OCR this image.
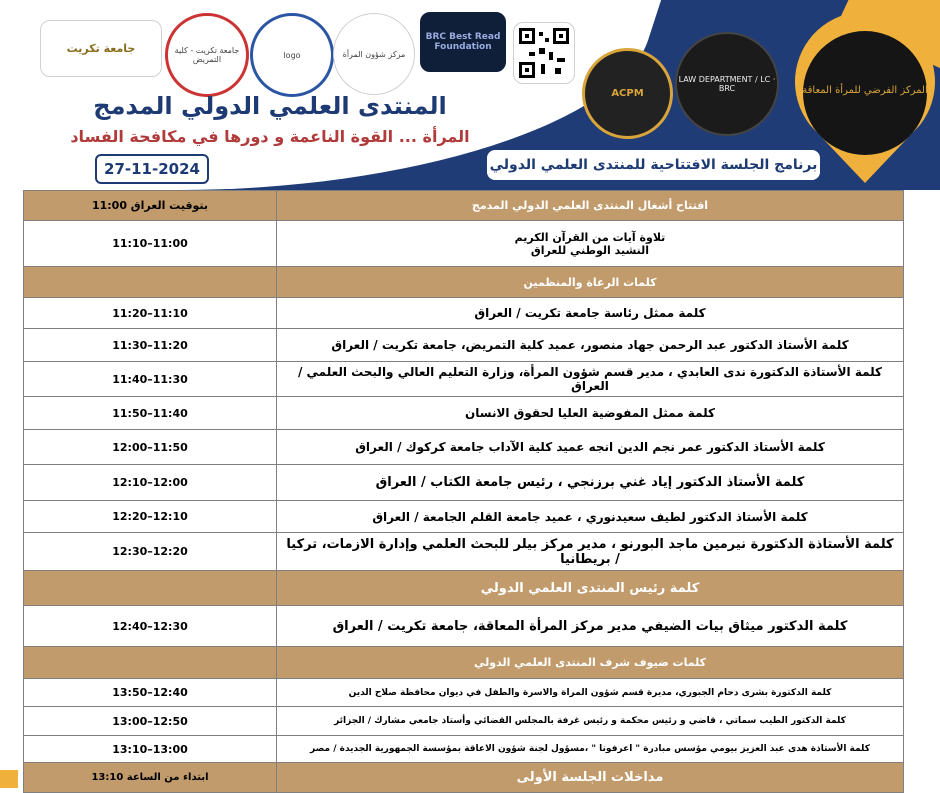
جامعة تكريت	جامعة تكريت - كلية التمريض	logo	مركز شؤون المرأة
BRC Best Read Foundation
ACPM
LAW DEPARTMENT / LC · BRC	المركز الفرضي للمرأة المعاقة
المنتدى العلمي الدولي المدمج
المرأة ... القوة الناعمة و دورها في مكافحة الفساد
27-11-2024	برنامج الجلسة الافتتاحية للمنتدى العلمي الدولي
افتتاح أشغال المنتدى العلمي الدولي المدمج	بتوقيت العراق 11:00

تلاوة آيات من القرآن الكريم
النشيد الوطني للعراق	11:00–11:10
كلمات الرعاة والمنظمين	
كلمة ممثل رئاسة جامعة تكريت / العراق	11:10–11:20
كلمة الأستاذ الدكتور عبد الرحمن جهاد منصور، عميد كلية التمريض، جامعة تكريت / العراق	11:20–11:30
كلمة الأستاذة الدكتورة ندى العابدي ، مدير قسم شؤون المرأة، وزارة التعليم العالي والبحث العلمي / العراق	11:30–11:40
كلمة ممثل المفوضية العليا لحقوق الانسان	11:40–11:50
كلمة الأستاذ الدكتور عمر نجم الدين انجه عميد كلية الآداب جامعة كركوك / العراق	11:50–12:00
كلمة الأستاذ الدكتور إياد غني برزنجي ، رئيس جامعة الكتاب / العراق	12:00–12:10
كلمة الأستاذ الدكتور لطيف سعيدنوري ، عميد جامعة القلم الجامعة / العراق	12:10–12:20
كلمة الأستاذة الدكتورة نيرمين ماجد البورنو ، مدير مركز بيلر للبحث العلمي وإدارة الازمات، تركيا / بريطانيا	12:20–12:30
كلمة رئيس المنتدى العلمي الدولي	
كلمة الدكتور ميثاق بيات الضيفي مدير مركز المرأة المعاقة، جامعة تكريت / العراق	12:30–12:40
كلمات ضيوف شرف المنتدى العلمي الدولي	
كلمة الدكتورة بشرى دحام الجبوري، مديرة قسم شؤون المراة والاسرة والطفل في ديوان محافظة صلاح الدين	12:40–13:50
كلمة الدكتور الطيب سماتي ، قاضي و رئيس محكمة و رئيس غرفة بالمجلس القضائي وأستاذ جامعي مشارك / الجزائر	12:50–13:00
كلمة الأستاذة هدى عبد العزيز بيومي مؤسس مبادرة " اعرفونا " ،مسؤول لجنة شؤون الاعاقة بمؤسسة الجمهورية الجديدة / مصر	13:00–13:10
مداخلات الجلسة الأولى	ابتداء من الساعة 13:10
